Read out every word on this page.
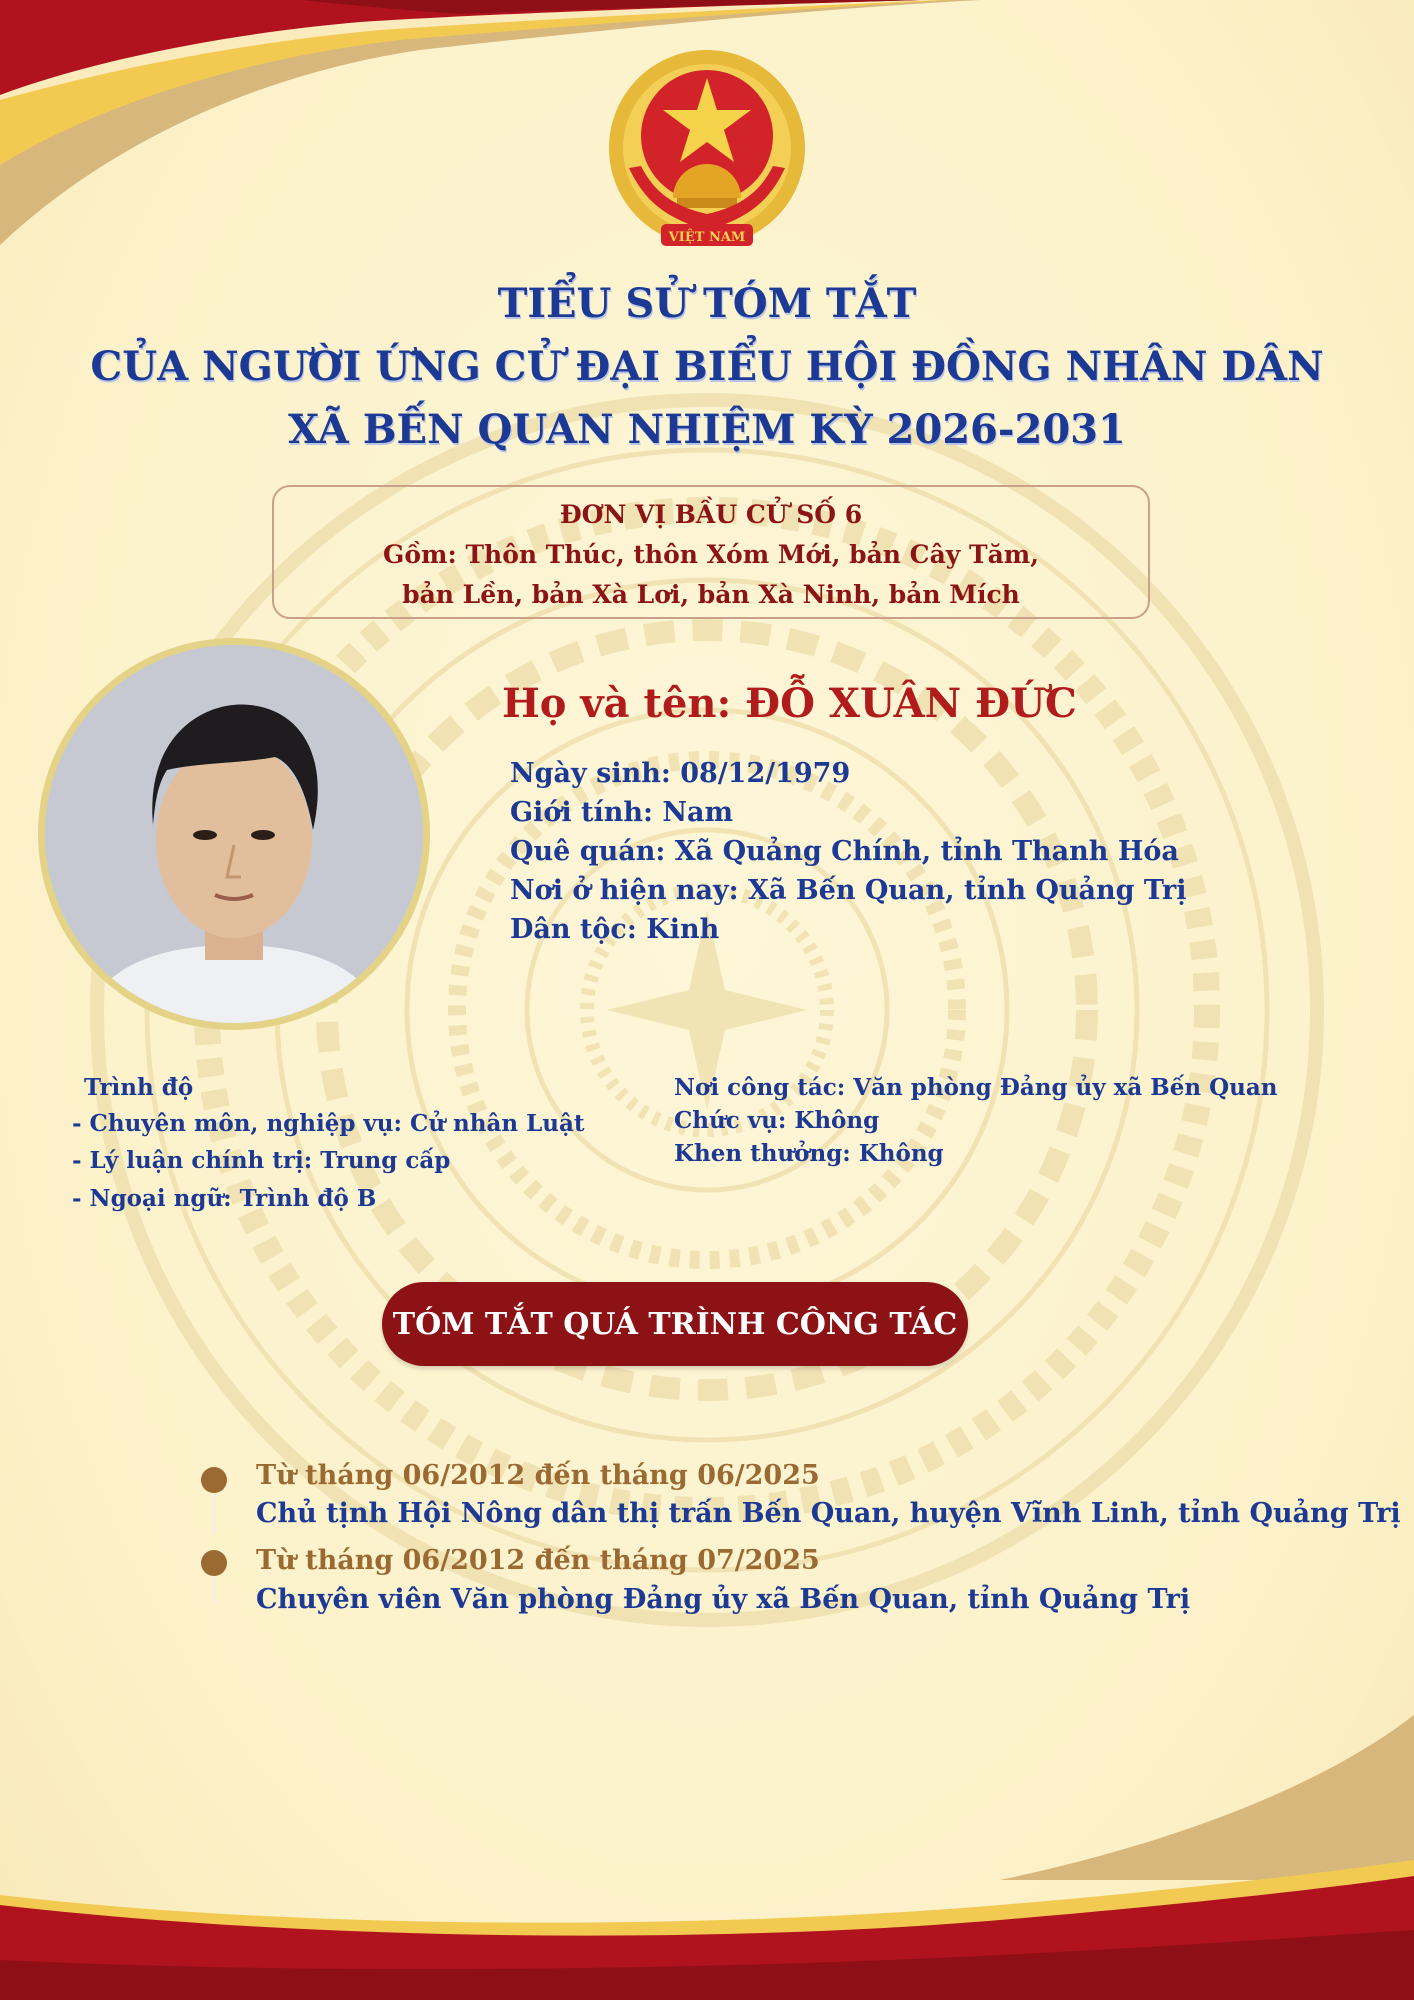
VIỆT NAM
TIỂU SỬ TÓM TẮT
CỦA NGƯỜI ỨNG CỬ ĐẠI BIỂU HỘI ĐỒNG NHÂN DÂN
XÃ BẾN QUAN NHIỆM KỲ 2026-2031
ĐƠN VỊ BẦU CỬ SỐ 6
Gồm: Thôn Thúc, thôn Xóm Mới, bản Cây Tăm,
bản Lền, bản Xà Lơi, bản Xà Ninh, bản Mích
Họ và tên: ĐỖ XUÂN ĐỨC
Ngày sinh: 08/12/1979
Giới tính: Nam
Quê quán: Xã Quảng Chính, tỉnh Thanh Hóa
Nơi ở hiện nay: Xã Bến Quan, tỉnh Quảng Trị
Dân tộc: Kinh
Trình độ
- Chuyên môn, nghiệp vụ: Cử nhân Luật
- Lý luận chính trị: Trung cấp
- Ngoại ngữ: Trình độ B
Nơi công tác: Văn phòng Đảng ủy xã Bến Quan
Chức vụ: Không
Khen thưởng: Không
TÓM TẮT QUÁ TRÌNH CÔNG TÁC
Từ tháng 06/2012 đến tháng 06/2025
Chủ tịnh Hội Nông dân thị trấn Bến Quan, huyện Vĩnh Linh, tỉnh Quảng Trị
Từ tháng 06/2012 đến tháng 07/2025
Chuyên viên Văn phòng Đảng ủy xã Bến Quan, tỉnh Quảng Trị
